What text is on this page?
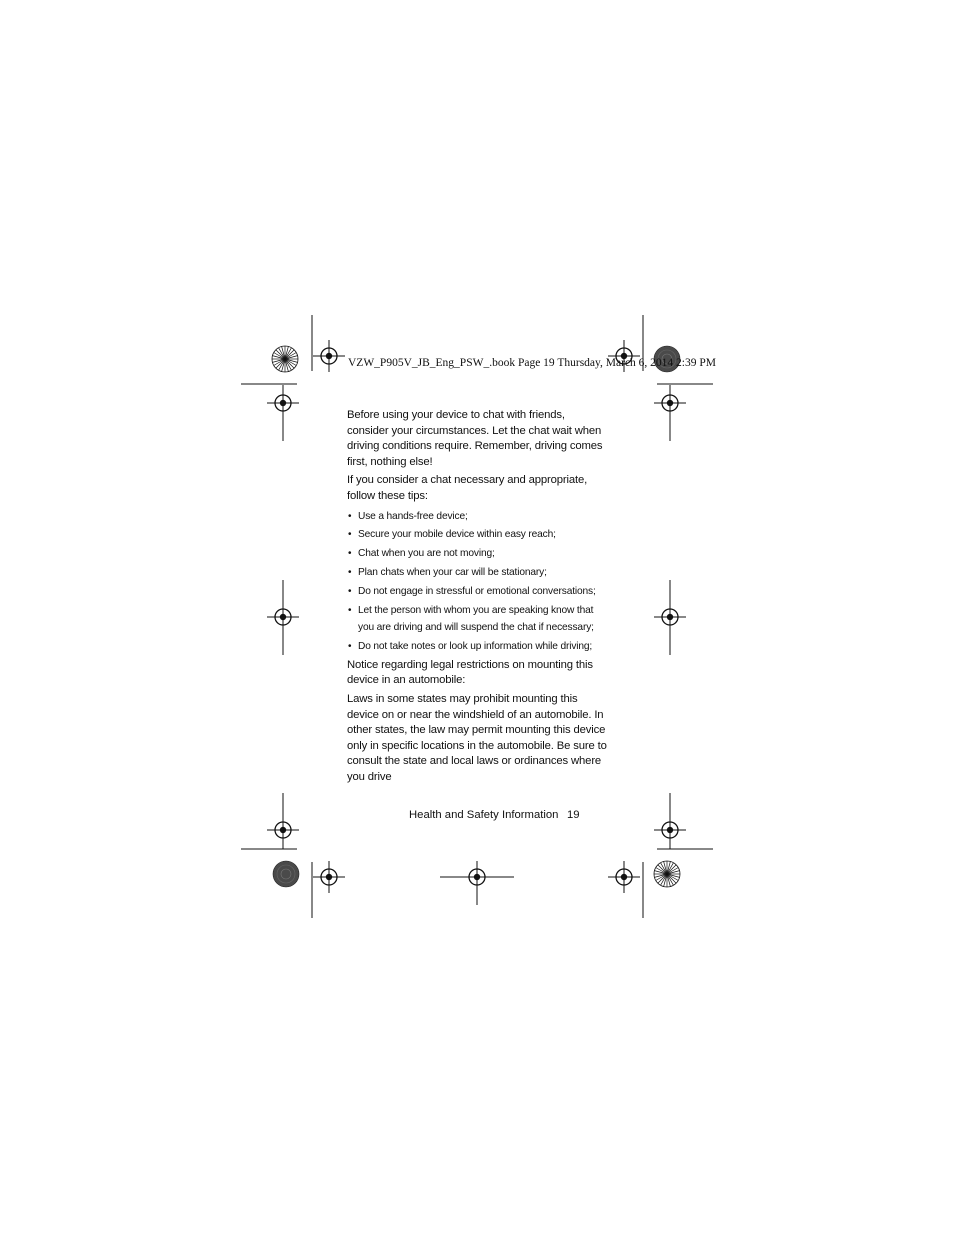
VZW_P905V_JB_Eng_PSW_.book Page 19 Thursday, March 6, 2014 2:39 PM

Before using your device to chat with friends, consider your circumstances. Let the chat wait when driving conditions require. Remember, driving comes first, nothing else!

If you consider a chat necessary and appropriate, follow these tips:

• Use a hands-free device;
• Secure your mobile device within easy reach;
• Chat when you are not moving;
• Plan chats when your car will be stationary;
• Do not engage in stressful or emotional conversations;
• Let the person with whom you are speaking know that you are driving and will suspend the chat if necessary;
• Do not take notes or look up information while driving;

Notice regarding legal restrictions on mounting this device in an automobile:

Laws in some states may prohibit mounting this device on or near the windshield of an automobile. In other states, the law may permit mounting this device only in specific locations in the automobile. Be sure to consult the state and local laws or ordinances where you drive

Health and Safety Information 19
